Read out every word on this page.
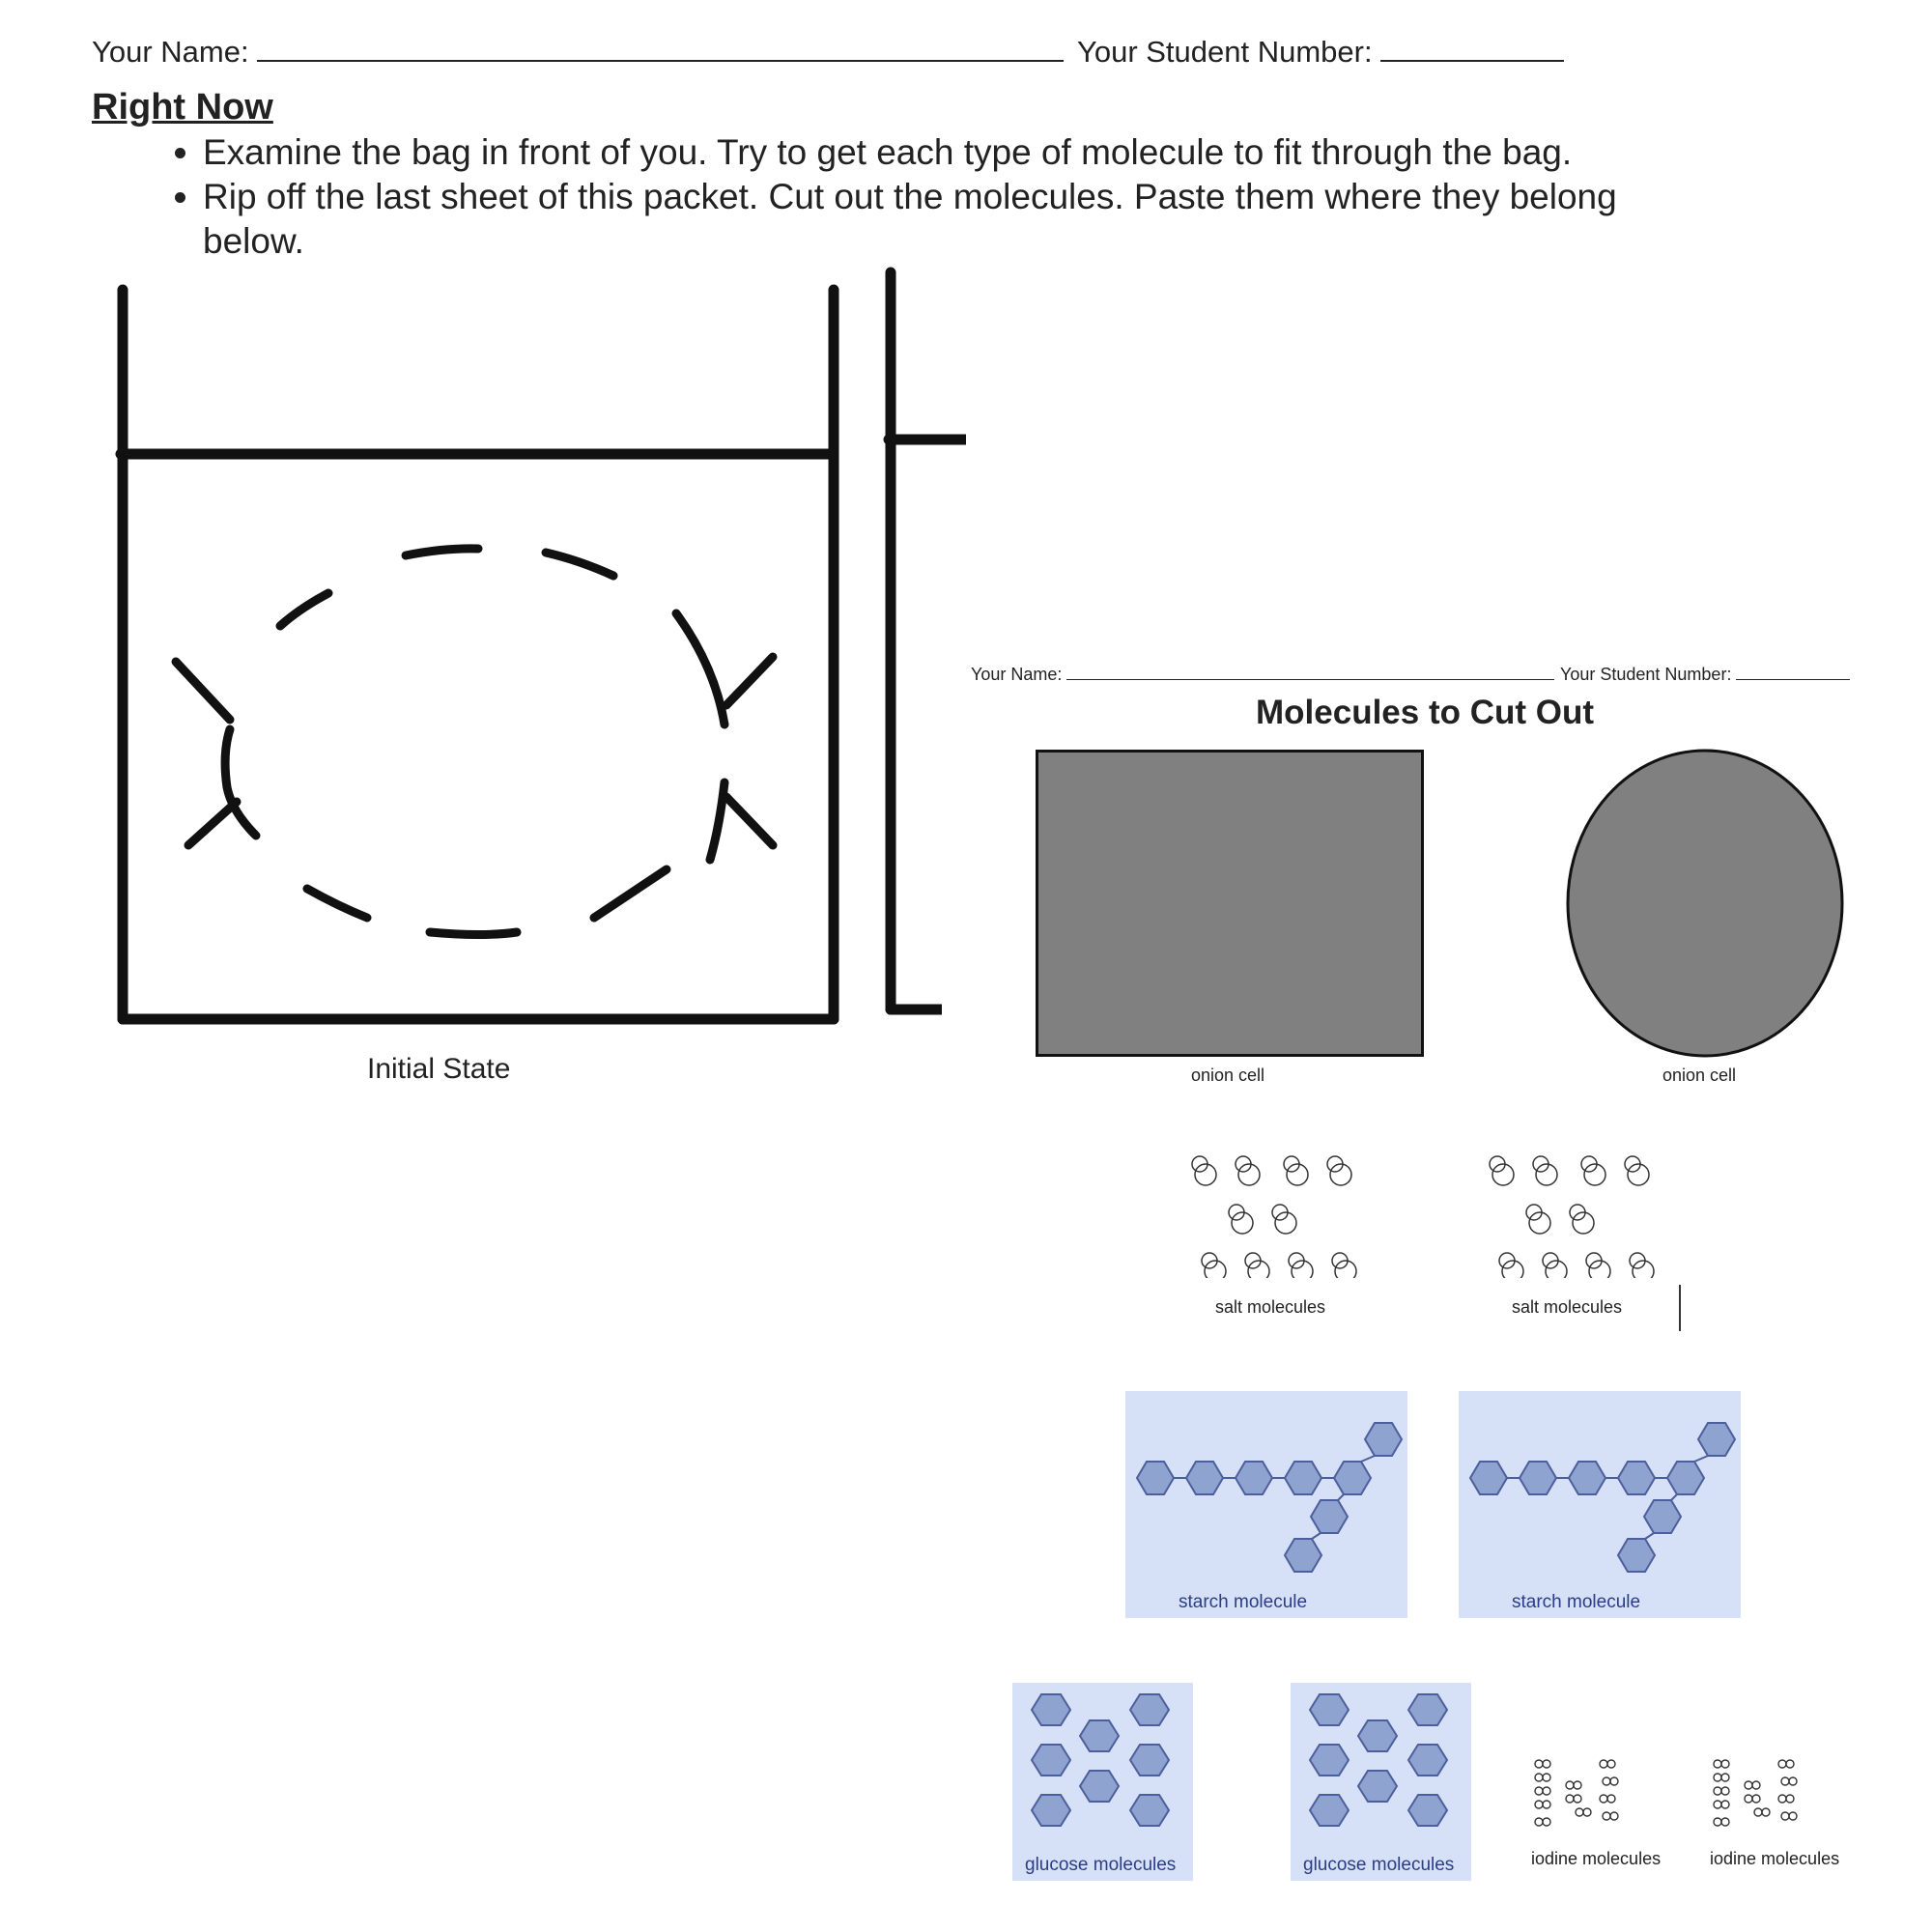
Your Name:	Your Student Number:
Right Now
• Examine the bag in front of you. Try to get each type of molecule to fit through the bag.
• Rip off the last sheet of this packet. Cut out the molecules. Paste them where they belong below.
Initial State
Your Name:	Your Student Number:
Molecules to Cut Out
onion cell	onion cell
salt molecules	salt molecules
starch molecule	starch molecule
glucose molecules	glucose molecules	iodine molecules	iodine molecules
